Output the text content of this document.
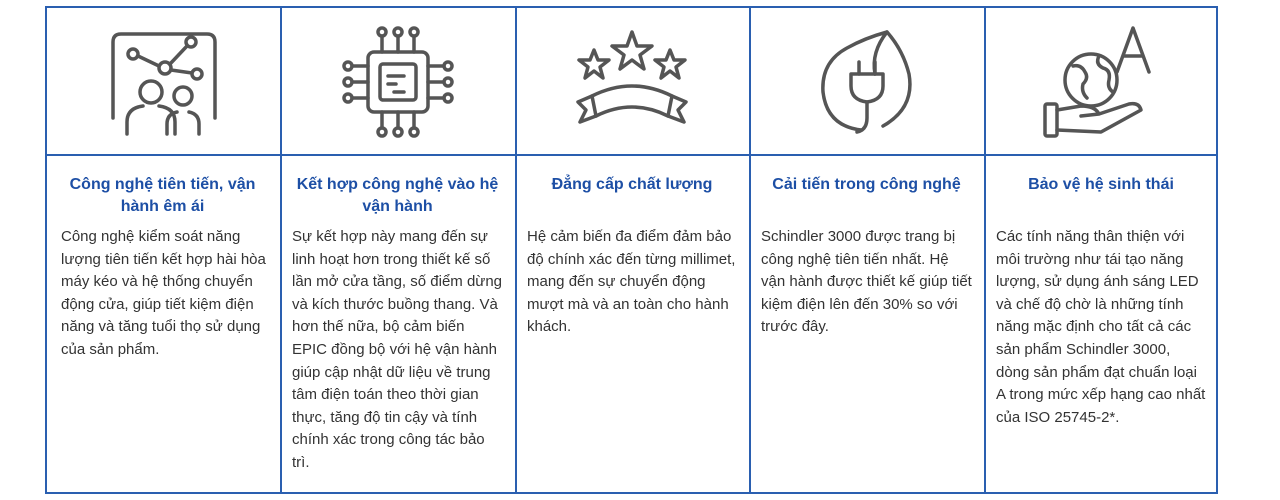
Công nghệ tiên tiến, vận hành êm ái
Công nghệ kiểm soát năng lượng tiên tiến kết hợp hài hòa máy kéo và hệ thống chuyển động cửa, giúp tiết kiệm điện năng và tăng tuổi thọ sử dụng của sản phẩm.
Kết hợp công nghệ vào hệ vận hành
Sự kết hợp này mang đến sự linh hoạt hơn trong thiết kế số lần mở cửa tầng, số điểm dừng và kích thước buồng thang. Và hơn thế nữa, bộ cảm biến EPIC đồng bộ với hệ vận hành giúp cập nhật dữ liệu về trung tâm điện toán theo thời gian thực, tăng độ tin cậy và tính chính xác trong công tác bảo trì.
Đẳng cấp chất lượng
Hệ cảm biến đa điểm đảm bảo độ chính xác đến từng millimet, mang đến sự chuyển động mượt mà và an toàn cho hành khách.
Cải tiến trong công nghệ
Schindler 3000 được trang bị công nghệ tiên tiến nhất. Hệ vận hành được thiết kế giúp tiết kiệm điện lên đến 30% so với trước đây.
Bảo vệ hệ sinh thái
Các tính năng thân thiện với môi trường như tái tạo năng lượng, sử dụng ánh sáng LED và chế độ chờ là những tính năng mặc định cho tất cả các sản phẩm Schindler 3000, dòng sản phẩm đạt chuẩn loại A trong mức xếp hạng cao nhất của ISO 25745-2*.
